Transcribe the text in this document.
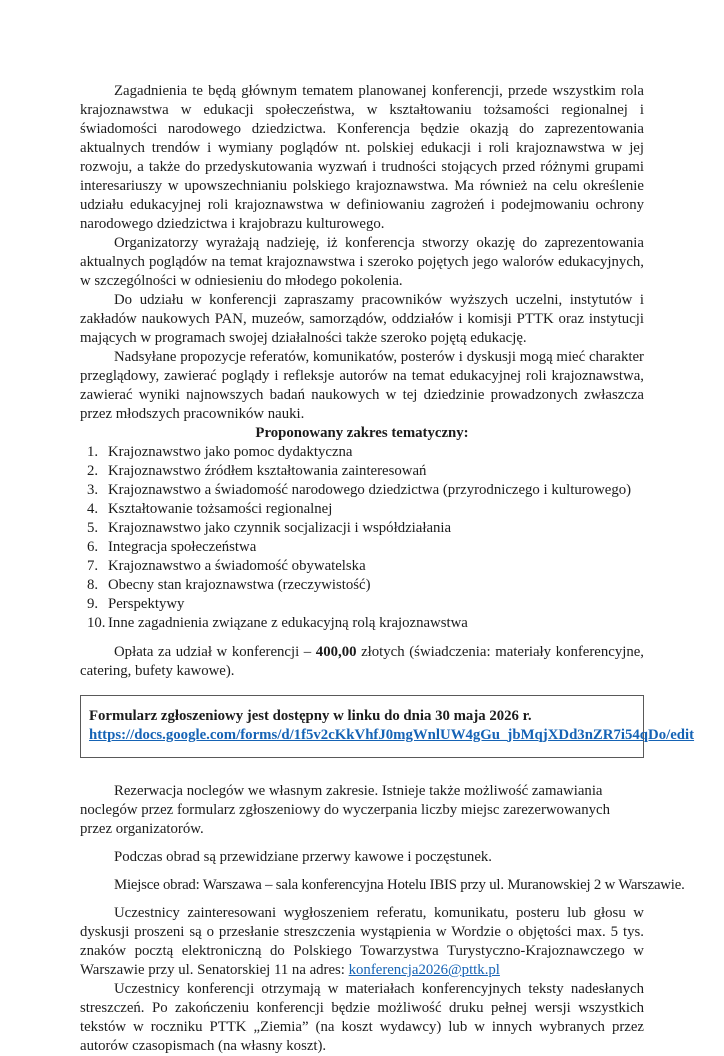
Zagadnienia te będą głównym tematem planowanej konferencji, przede wszystkim rola krajoznawstwa w edukacji społeczeństwa, w kształtowaniu tożsamości regionalnej i świadomości narodowego dziedzictwa. Konferencja będzie okazją do zaprezentowania aktualnych trendów i wymiany poglądów nt. polskiej edukacji i roli krajoznawstwa w jej rozwoju, a także do przedyskutowania wyzwań i trudności stojących przed różnymi grupami interesariuszy w upowszechnianiu polskiego krajoznawstwa. Ma również na celu określenie udziału edukacyjnej roli krajoznawstwa w definiowaniu zagrożeń i podejmowaniu ochrony narodowego dziedzictwa i krajobrazu kulturowego.

Organizatorzy wyrażają nadzieję, iż konferencja stworzy okazję do zaprezentowania aktualnych poglądów na temat krajoznawstwa i szeroko pojętych jego walorów edukacyjnych, w szczególności w odniesieniu do młodego pokolenia.

Do udziału w konferencji zapraszamy pracowników wyższych uczelni, instytutów i zakładów naukowych PAN, muzeów, samorządów, oddziałów i komisji PTTK oraz instytucji mających w programach swojej działalności także szeroko pojętą edukację.

Nadsyłane propozycje referatów, komunikatów, posterów i dyskusji mogą mieć charakter przeglądowy, zawierać poglądy i refleksje autorów na temat edukacyjnej roli krajoznawstwa, zawierać wyniki najnowszych badań naukowych w tej dziedzinie prowadzonych zwłaszcza przez młodszych pracowników nauki.

Proponowany zakres tematyczny:

1. Krajoznawstwo jako pomoc dydaktyczna
2. Krajoznawstwo źródłem kształtowania zainteresowań
3. Krajoznawstwo a świadomość narodowego dziedzictwa (przyrodniczego i kulturowego)
4. Kształtowanie tożsamości regionalnej
5. Krajoznawstwo jako czynnik socjalizacji i współdziałania
6. Integracja społeczeństwa
7. Krajoznawstwo a świadomość obywatelska
8. Obecny stan krajoznawstwa (rzeczywistość)
9. Perspektywy
10. Inne zagadnienia związane z edukacyjną rolą krajoznawstwa

Opłata za udział w konferencji – 400,00 złotych (świadczenia: materiały konferencyjne, catering, bufety kawowe).

Formularz zgłoszeniowy jest dostępny w linku do dnia 30 maja 2026 r.

https://docs.google.com/forms/d/1f5v2cKkVhfJ0mgWnlUW4gGu_jbMqjXDd3nZR7i54qDo/edit

Rezerwacja noclegów we własnym zakresie. Istnieje także możliwość zamawiania noclegów przez formularz zgłoszeniowy do wyczerpania liczby miejsc zarezerwowanych przez organizatorów.

Podczas obrad są przewidziane przerwy kawowe i poczęstunek.

Miejsce obrad: Warszawa – sala konferencyjna Hotelu IBIS przy ul. Muranowskiej 2 w Warszawie.

Uczestnicy zainteresowani wygłoszeniem referatu, komunikatu, posteru lub głosu w dyskusji proszeni są o przesłanie streszczenia wystąpienia w Wordzie o objętości max. 5 tys. znaków pocztą elektroniczną do Polskiego Towarzystwa Turystyczno-Krajoznawczego w Warszawie przy ul. Senatorskiej 11 na adres: konferencja2026@pttk.pl

Uczestnicy konferencji otrzymają w materiałach konferencyjnych teksty nadesłanych streszczeń. Po zakończeniu konferencji będzie możliwość druku pełnej wersji wszystkich tekstów w roczniku PTTK „Ziemia” (na koszt wydawcy) lub w innych wybranych przez autorów czasopismach (na własny koszt).
